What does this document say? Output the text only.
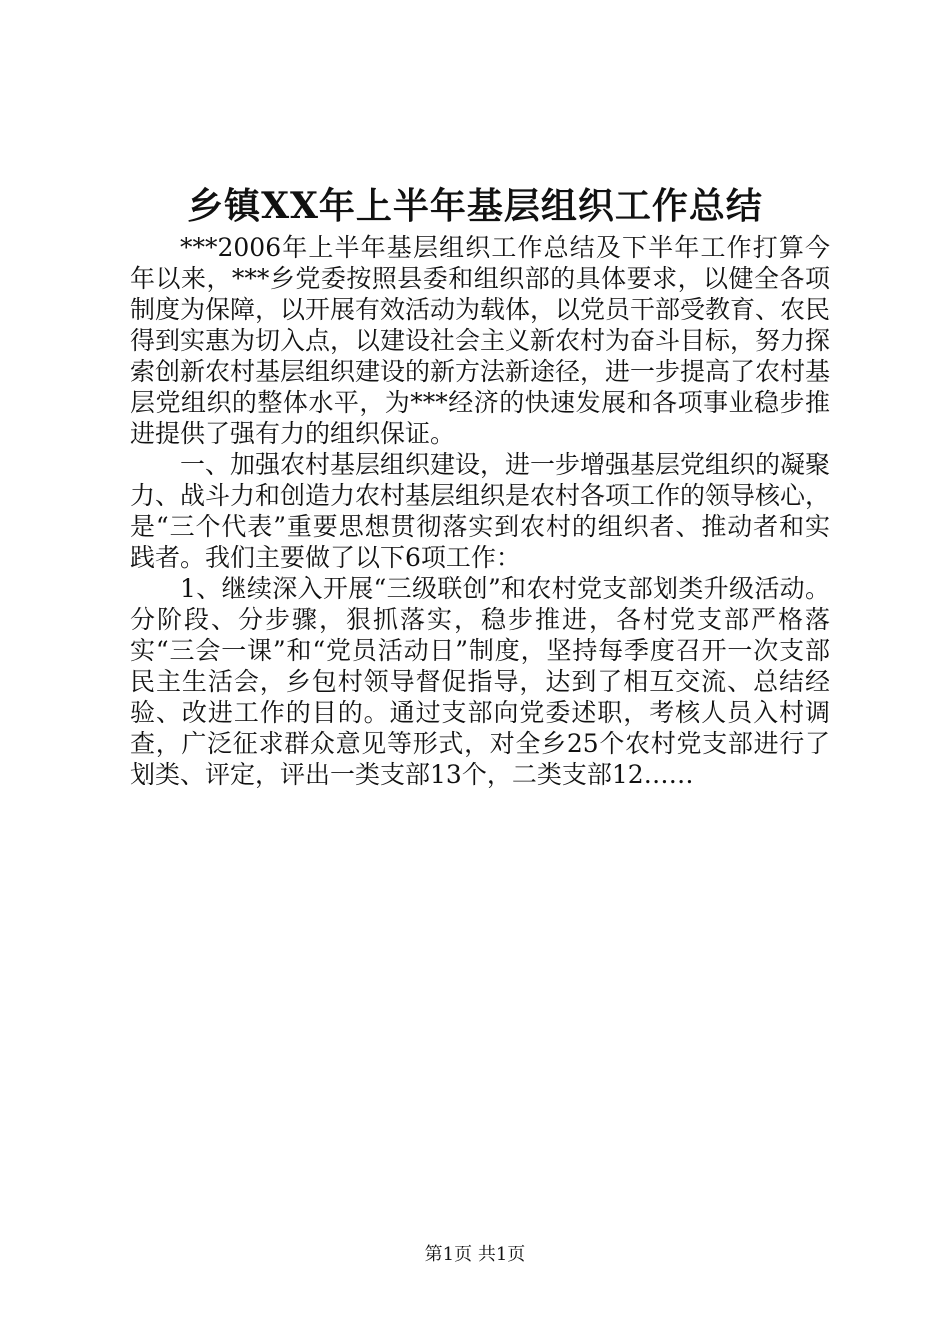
乡镇XX年上半年基层组织工作总结

***2006年上半年基层组织工作总结及下半年工作打算今年以来，***乡党委按照县委和组织部的具体要求，以健全各项制度为保障，以开展有效活动为载体，以党员干部受教育、农民得到实惠为切入点，以建设社会主义新农村为奋斗目标，努力探索创新农村基层组织建设的新方法新途径，进一步提高了农村基层党组织的整体水平，为***经济的快速发展和各项事业稳步推进提供了强有力的组织保证。

一、加强农村基层组织建设，进一步增强基层党组织的凝聚力、战斗力和创造力农村基层组织是农村各项工作的领导核心，是“三个代表”重要思想贯彻落实到农村的组织者、推动者和实践者。我们主要做了以下6项工作：

1、继续深入开展“三级联创”和农村党支部划类升级活动。分阶段、分步骤，狠抓落实，稳步推进，各村党支部严格落实“三会一课”和“党员活动日”制度，坚持每季度召开一次支部民主生活会，乡包村领导督促指导，达到了相互交流、总结经验、改进工作的目的。通过支部向党委述职，考核人员入村调查，广泛征求群众意见等形式，对全乡25个农村党支部进行了划类、评定，评出一类支部13个，二类支部12……

第1页 共1页
